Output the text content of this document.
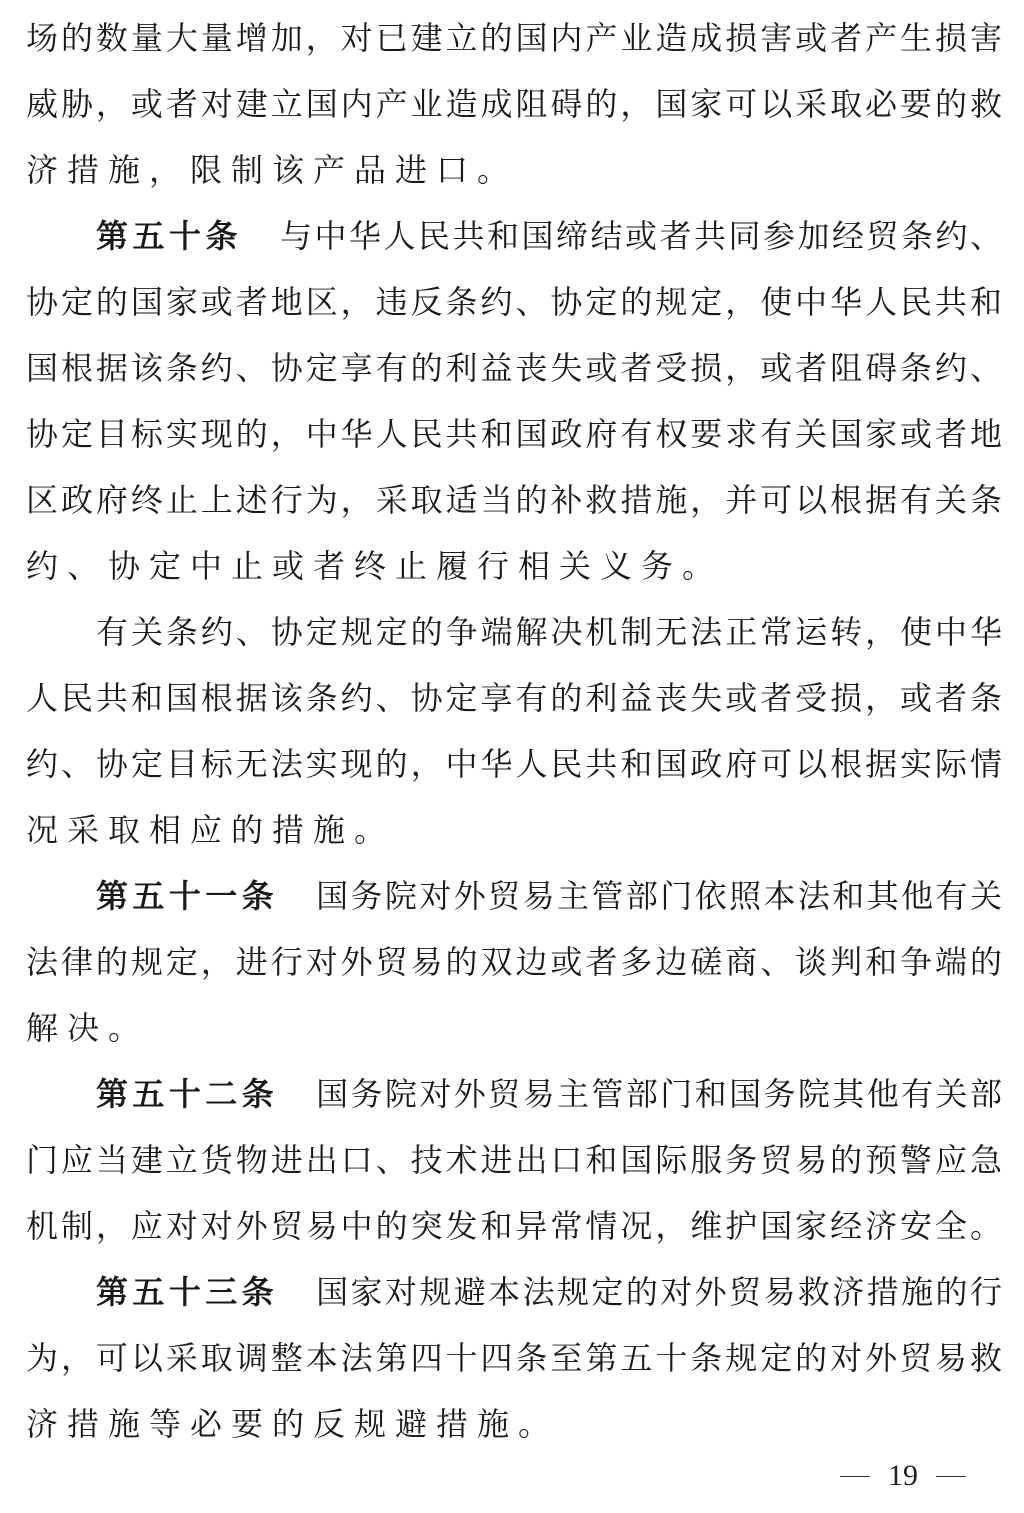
场的数量大量增加，对已建立的国内产业造成损害或者产生损害
威胁，或者对建立国内产业造成阻碍的，国家可以采取必要的救
济措施，限制该产品进口。
第五十条 与中华人民共和国缔结或者共同参加经贸条约、
协定的国家或者地区，违反条约、协定的规定，使中华人民共和
国根据该条约、协定享有的利益丧失或者受损，或者阻碍条约、
协定目标实现的，中华人民共和国政府有权要求有关国家或者地
区政府终止上述行为，采取适当的补救措施，并可以根据有关条
约、协定中止或者终止履行相关义务。
有关条约、协定规定的争端解决机制无法正常运转，使中华
人民共和国根据该条约、协定享有的利益丧失或者受损，或者条
约、协定目标无法实现的，中华人民共和国政府可以根据实际情
况采取相应的措施。
第五十一条 国务院对外贸易主管部门依照本法和其他有关
法律的规定，进行对外贸易的双边或者多边磋商、谈判和争端的
解决。
第五十二条 国务院对外贸易主管部门和国务院其他有关部
门应当建立货物进出口、技术进出口和国际服务贸易的预警应急
机制，应对对外贸易中的突发和异常情况，维护国家经济安全。
第五十三条 国家对规避本法规定的对外贸易救济措施的行
为，可以采取调整本法第四十四条至第五十条规定的对外贸易救
济措施等必要的反规避措施。
19
